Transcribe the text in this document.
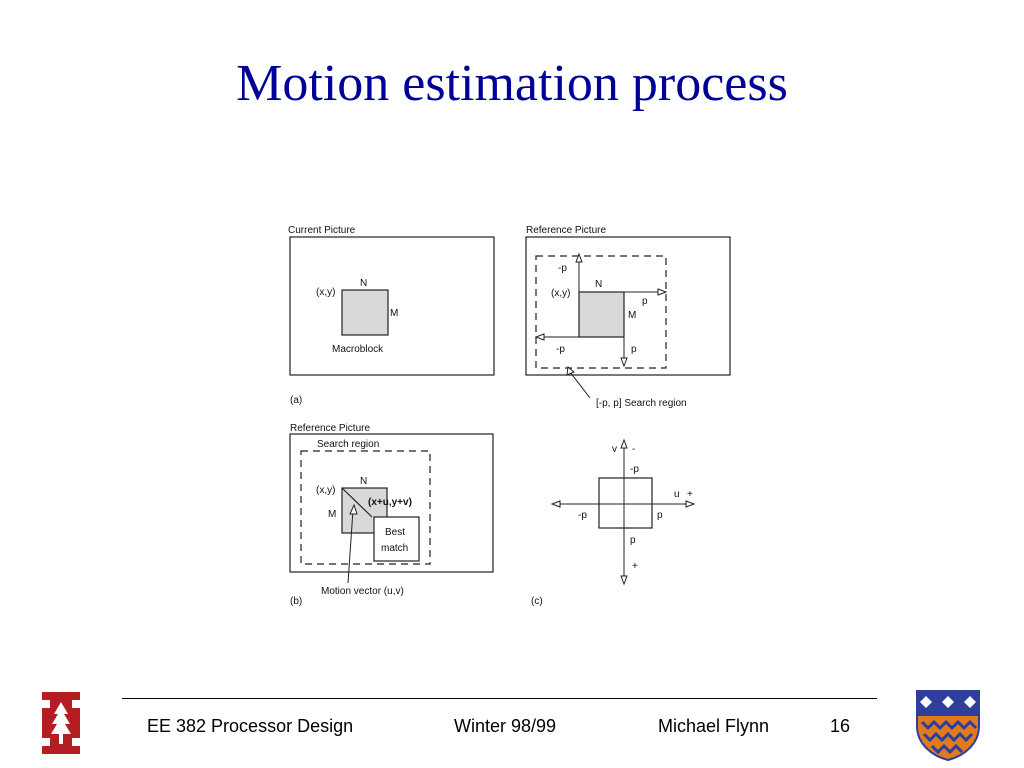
Motion estimation process
Current Picture
(x,y)
N
M
Macroblock
Reference Picture
-p
(x,y)
N
p
M
-p	p
[-p, p] Search region
Reference Picture
Search region
(x,y)
N
M
(x+u,y+v)
Best
match
Motion vector (u,v)
v -
-p
u +
-p	p
p
+
(a)
(b)	(c)
EE 382 Processor Design	Winter 98/99	Michael Flynn	16
